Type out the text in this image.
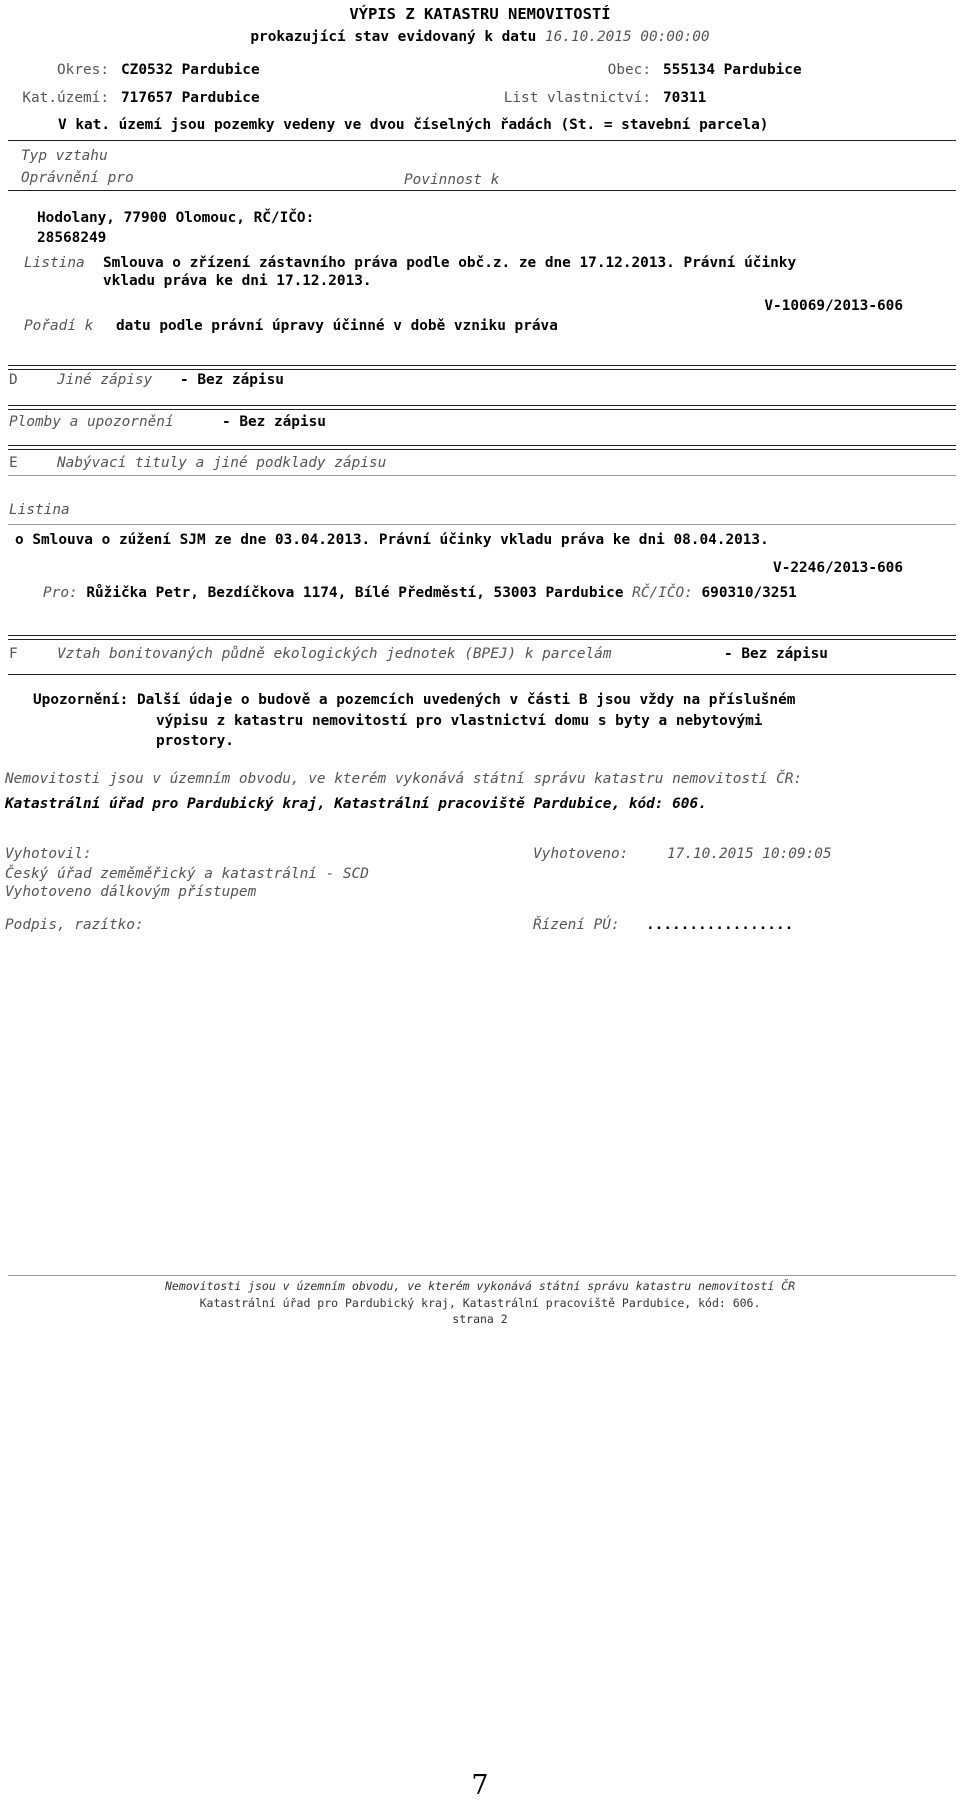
VÝPIS Z KATASTRU NEMOVITOSTÍ
prokazující stav evidovaný k datu 16.10.2015 00:00:00
Okres: CZ0532 Pardubice	Obec: 555134 Pardubice
Kat.území: 717657 Pardubice	List vlastnictví: 70311
V kat. území jsou pozemky vedeny ve dvou číselných řadách (St. = stavební parcela)
Typ vztahu
Oprávnění pro	Povinnost k
Hodolany, 77900 Olomouc, RČ/IČO:
28568249
Listina Smlouva o zřízení zástavního práva podle obč.z. ze dne 17.12.2013. Právní účinky
vkladu práva ke dni 17.12.2013.
V-10069/2013-606
Pořadí k datu podle právní úpravy účinné v době vzniku práva
D	Jiné zápisy - Bez zápisu
Plomby a upozornění	- Bez zápisu
E	Nabývací tituly a jiné podklady zápisu
Listina
o Smlouva o zúžení SJM ze dne 03.04.2013. Právní účinky vkladu práva ke dni 08.04.2013.
V-2246/2013-606
Pro: Růžička Petr, Bezdíčkova 1174, Bílé Předměstí, 53003 Pardubice RČ/IČO: 690310/3251
F	Vztah bonitovaných půdně ekologických jednotek (BPEJ) k parcelám	- Bez zápisu
Upozornění: Další údaje o budově a pozemcích uvedených v části B jsou vždy na příslušném
výpisu z katastru nemovitostí pro vlastnictví domu s byty a nebytovými
prostory.
Nemovitosti jsou v územním obvodu, ve kterém vykonává státní správu katastru nemovitostí ČR:
Katastrální úřad pro Pardubický kraj, Katastrální pracoviště Pardubice, kód: 606.
Vyhotovil:
Český úřad zeměměřický a katastrální - SCD
Vyhotoveno dálkovým přístupem
Vyhotoveno:	17.10.2015 10:09:05
Podpis, razítko:	Řízení PÚ: .................
Nemovitosti jsou v územním obvodu, ve kterém vykonává státní správu katastru nemovitostí ČR
Katastrální úřad pro Pardubický kraj, Katastrální pracoviště Pardubice, kód: 606.
strana 2
7
